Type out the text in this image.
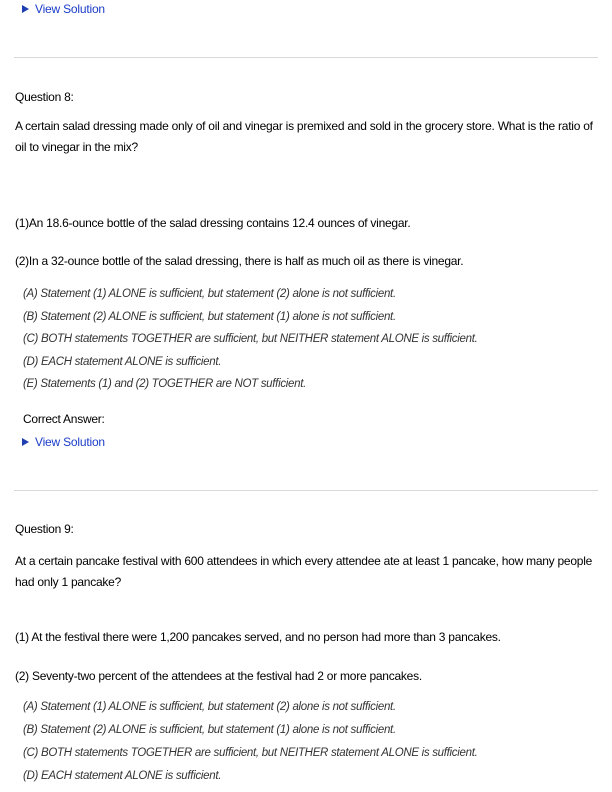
View Solution
Question 8:
A certain salad dressing made only of oil and vinegar is premixed and sold in the grocery store. What is the ratio of oil to vinegar in the mix?
(1)An 18.6-ounce bottle of the salad dressing contains 12.4 ounces of vinegar.
(2)In a 32-ounce bottle of the salad dressing, there is half as much oil as there is vinegar.
(A) Statement (1) ALONE is sufficient, but statement (2) alone is not sufficient.
(B) Statement (2) ALONE is sufficient, but statement (1) alone is not sufficient.
(C) BOTH statements TOGETHER are sufficient, but NEITHER statement ALONE is sufficient.
(D) EACH statement ALONE is sufficient.
(E) Statements (1) and (2) TOGETHER are NOT sufficient.
Correct Answer:
View Solution
Question 9:
At a certain pancake festival with 600 attendees in which every attendee ate at least 1 pancake, how many people had only 1 pancake?
(1) At the festival there were 1,200 pancakes served, and no person had more than 3 pancakes.
(2) Seventy-two percent of the attendees at the festival had 2 or more pancakes.
(A) Statement (1) ALONE is sufficient, but statement (2) alone is not sufficient.
(B) Statement (2) ALONE is sufficient, but statement (1) alone is not sufficient.
(C) BOTH statements TOGETHER are sufficient, but NEITHER statement ALONE is sufficient.
(D) EACH statement ALONE is sufficient.
